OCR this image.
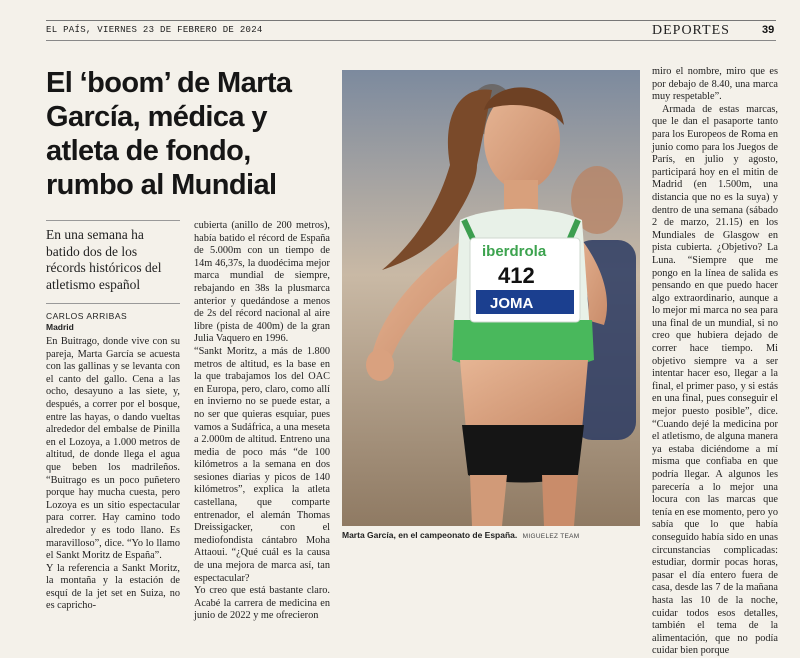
EL PAÍS, VIERNES 23 DE FEBRERO DE 2024	DEPORTES	39
El ‘boom’ de Marta García, médica y atleta de fondo, rumbo al Mundial
En una semana ha batido dos de los récords históricos del atletismo español
CARLOS ARRIBAS
Madrid

En Buitrago, donde vive con su pareja, Marta García se acuesta con las gallinas y se levanta con el canto del gallo. Cena a las ocho, desayuno a las siete, y, después, a correr por el bosque, entre las hayas, o dando vueltas alrededor del embalse de Pinilla en el Lozoya, a 1.000 metros de altitud, de donde llega el agua que beben los madrileños. “Buitrago es un poco puñetero porque hay mucha cuesta, pero Lozoya es un sitio espectacular para correr. Hay camino todo alrededor y es todo llano. Es maravilloso”, dice. “Yo lo llamo el Sankt Moritz de España”.

Y la referencia a Sankt Moritz, la montaña y la estación de esquí de la jet set en Suiza, no es capricho-

cubierta (anillo de 200 metros), había batido el récord de España de 5.000m con un tiempo de 14m 46,37s, la duodécima mejor marca mundial de siempre, rebajando en 38s la plusmarca anterior y quedándose a menos de 2s del récord nacional al aire libre (pista de 400m) de la gran Julia Vaquero en 1996.

“Sankt Moritz, a más de 1.800 metros de altitud, es la base en la que trabajamos los del OAC en Europa, pero, claro, como allí en invierno no se puede estar, a no ser que quieras esquiar, pues vamos a Sudáfrica, a una meseta a 2.000m de altitud. Entreno una media de poco más “de 100 kilómetros a la semana en dos sesiones diarias y picos de 140 kilómetros”, explica la atleta castellana, que comparte entrenador, el alemán Thomas Dreissigacker, con el mediofondista cántabro Moha Attaoui. “¿Qué cuál es la causa de una mejora de marca así, tan espectacular?

Yo creo que está bastante claro. Acabé la carrera de medicina en junio de 2022 y me ofrecieron

iberdrola
412
JOMA
Marta García, en el campeonato de España. MIGUELEZ TEAM

miro el nombre, miro que es por debajo de 8.40, una marca muy respetable”.

Armada de estas marcas, que le dan el pasaporte tanto para los Europeos de Roma en junio como para los Juegos de París, en julio y agosto, participará hoy en el mitin de Madrid (en 1.500m, una distancia que no es la suya) y dentro de una semana (sábado 2 de marzo, 21.15) en los Mundiales de Glasgow en pista cubierta. ¿Objetivo? La Luna. “Siempre que me pongo en la línea de salida es pensando en que puedo hacer algo extraordinario, aunque a lo mejor mi marca no sea para una final de un mundial, si no creo que hubiera dejado de correr hace tiempo. Mi objetivo siempre va a ser intentar hacer eso, llegar a la final, el primer paso, y si estás en una final, pues conseguir el mejor puesto posible”, dice. “Cuando dejé la medicina por el atletismo, de alguna manera ya estaba diciéndome a mí misma que confiaba en que podría llegar. A algunos les parecería a lo mejor una locura con las marcas que tenía en ese momento, pero yo sabía que lo que había conseguido había sido en unas circunstancias complicadas: estudiar, dormir pocas horas, pasar el día entero fuera de casa, desde las 7 de la mañana hasta las 10 de la noche, cuidar todos esos detalles, también el tema de la alimentación, que no podía cuidar bien porque
